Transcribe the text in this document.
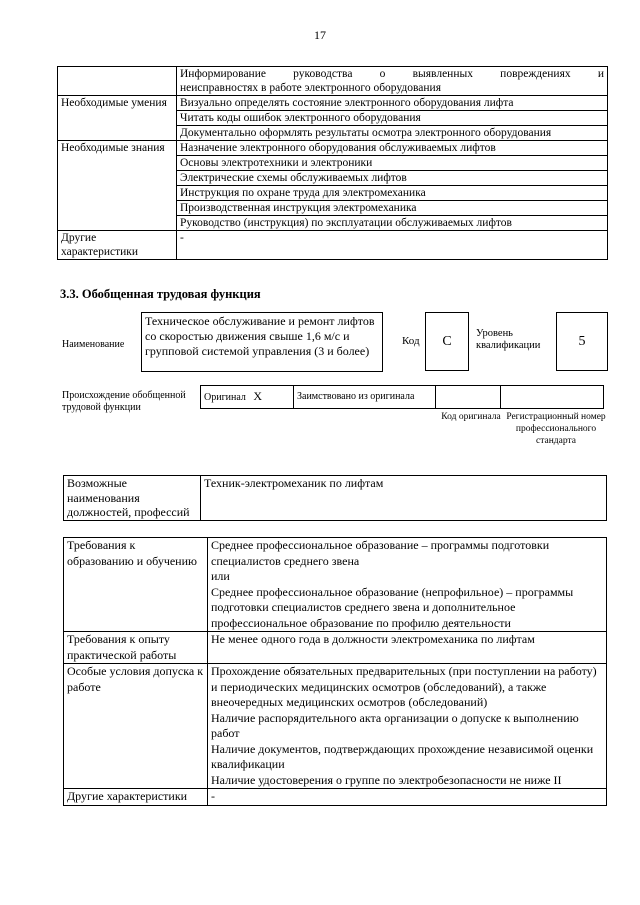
17

	Информирование руководства о выявленных повреждениях и
неисправностях в работе электронного оборудования

Необходимые умения	Визуально определять состояние электронного оборудования лифта
	Читать коды ошибок электронного оборудования
	Документально оформлять результаты осмотра электронного оборудования
Необходимые знания	Назначение электронного оборудования обслуживаемых лифтов
	Основы электротехники и электроники
	Электрические схемы обслуживаемых лифтов
	Инструкция по охране труда для электромеханика
	Производственная инструкция электромеханика
	Руководство (инструкция) по эксплуатации обслуживаемых лифтов
Другие характеристики	-
3.3. Обобщенная трудовая функция
Наименование
Техническое обслуживание и ремонт лифтов со скоростью движения свыше 1,6 м/с и групповой системой управления (3 и более)
Код	С
Уровень квалификации	5
Происхождение обобщенной трудовой функции
Оригинал Х	Заимствовано из оригинала		
Код оригинала Регистрационный номер профессионального стандарта
Возможные наименования должностей, профессий	Техник-электромеханик по лифтам
Требования к образованию и обучению	Среднее профессиональное образование – программы подготовки специалистов среднего звена
или
Среднее профессиональное образование (непрофильное) – программы подготовки специалистов среднего звена и дополнительное профессиональное образование по профилю деятельности

Требования к опыту практической работы	Не менее одного года в должности электромеханика по лифтам
Особые условия допуска к работе	Прохождение обязательных предварительных (при поступлении на работу) и периодических медицинских осмотров (обследований), а также внеочередных медицинских осмотров (обследований)
Наличие распорядительного акта организации о допуске к выполнению работ
Наличие документов, подтверждающих прохождение независимой оценки квалификации
Наличие удостоверения о группе по электробезопасности не ниже II

Другие характеристики	-
